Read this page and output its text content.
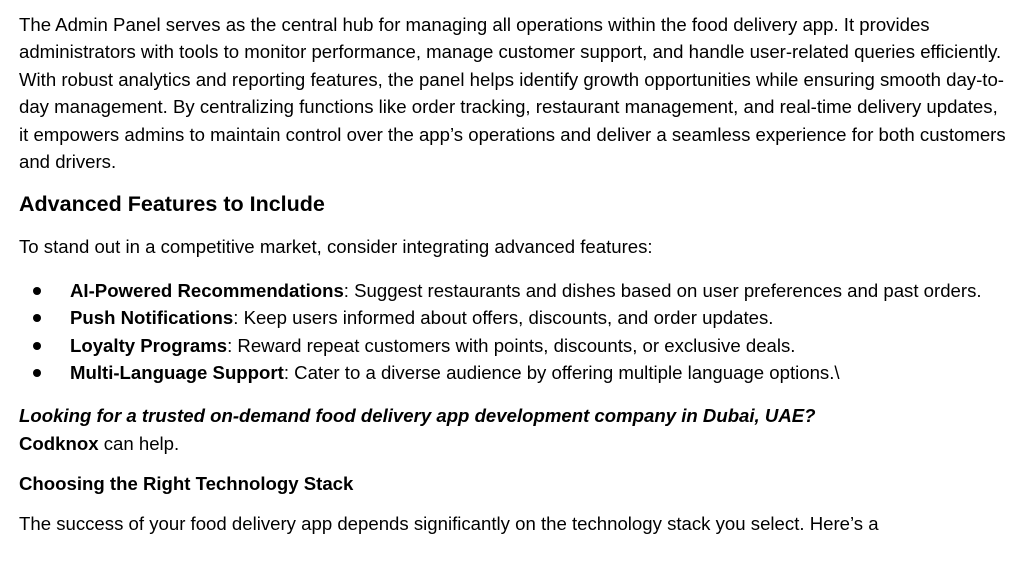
The Admin Panel serves as the central hub for managing all operations within the food delivery app. It provides administrators with tools to monitor performance, manage customer support, and handle user-related queries efficiently. With robust analytics and reporting features, the panel helps identify growth opportunities while ensuring smooth day-to-day management. By centralizing functions like order tracking, restaurant management, and real-time delivery updates, it empowers admins to maintain control over the app’s operations and deliver a seamless experience for both customers and drivers.

Advanced Features to Include

To stand out in a competitive market, consider integrating advanced features:

AI-Powered Recommendations: Suggest restaurants and dishes based on user preferences and past orders.
Push Notifications: Keep users informed about offers, discounts, and order updates.
Loyalty Programs: Reward repeat customers with points, discounts, or exclusive deals.
Multi-Language Support: Cater to a diverse audience by offering multiple language options.\

Looking for a trusted on-demand food delivery app development company in Dubai, UAE?
Codknox can help.

Choosing the Right Technology Stack

The success of your food delivery app depends significantly on the technology stack you select. Here’s a
